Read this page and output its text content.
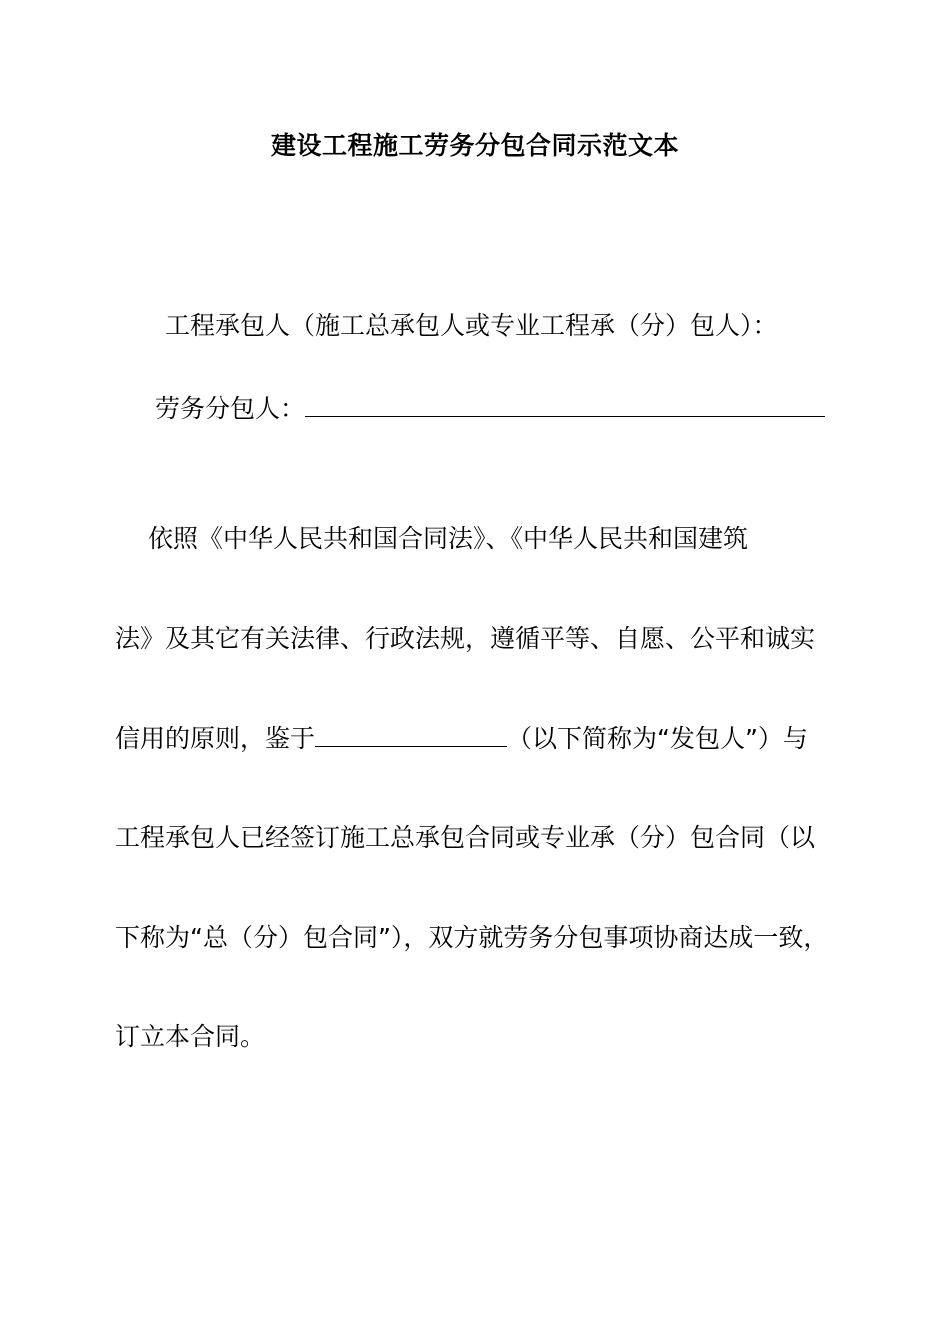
建设工程施工劳务分包合同示范文本
工程承包人（施工总承包人或专业工程承（分）包人）：
劳务分包人：
依照《中华人民共和国合同法》、《中华人民共和国建筑
法》及其它有关法律、行政法规，遵循平等、自愿、公平和诚实
信用的原则，鉴于	（以下简称为“发包人”）与
工程承包人已经签订施工总承包合同或专业承（分）包合同（以
下称为“总（分）包合同”），双方就劳务分包事项协商达成一致，
订立本合同。
